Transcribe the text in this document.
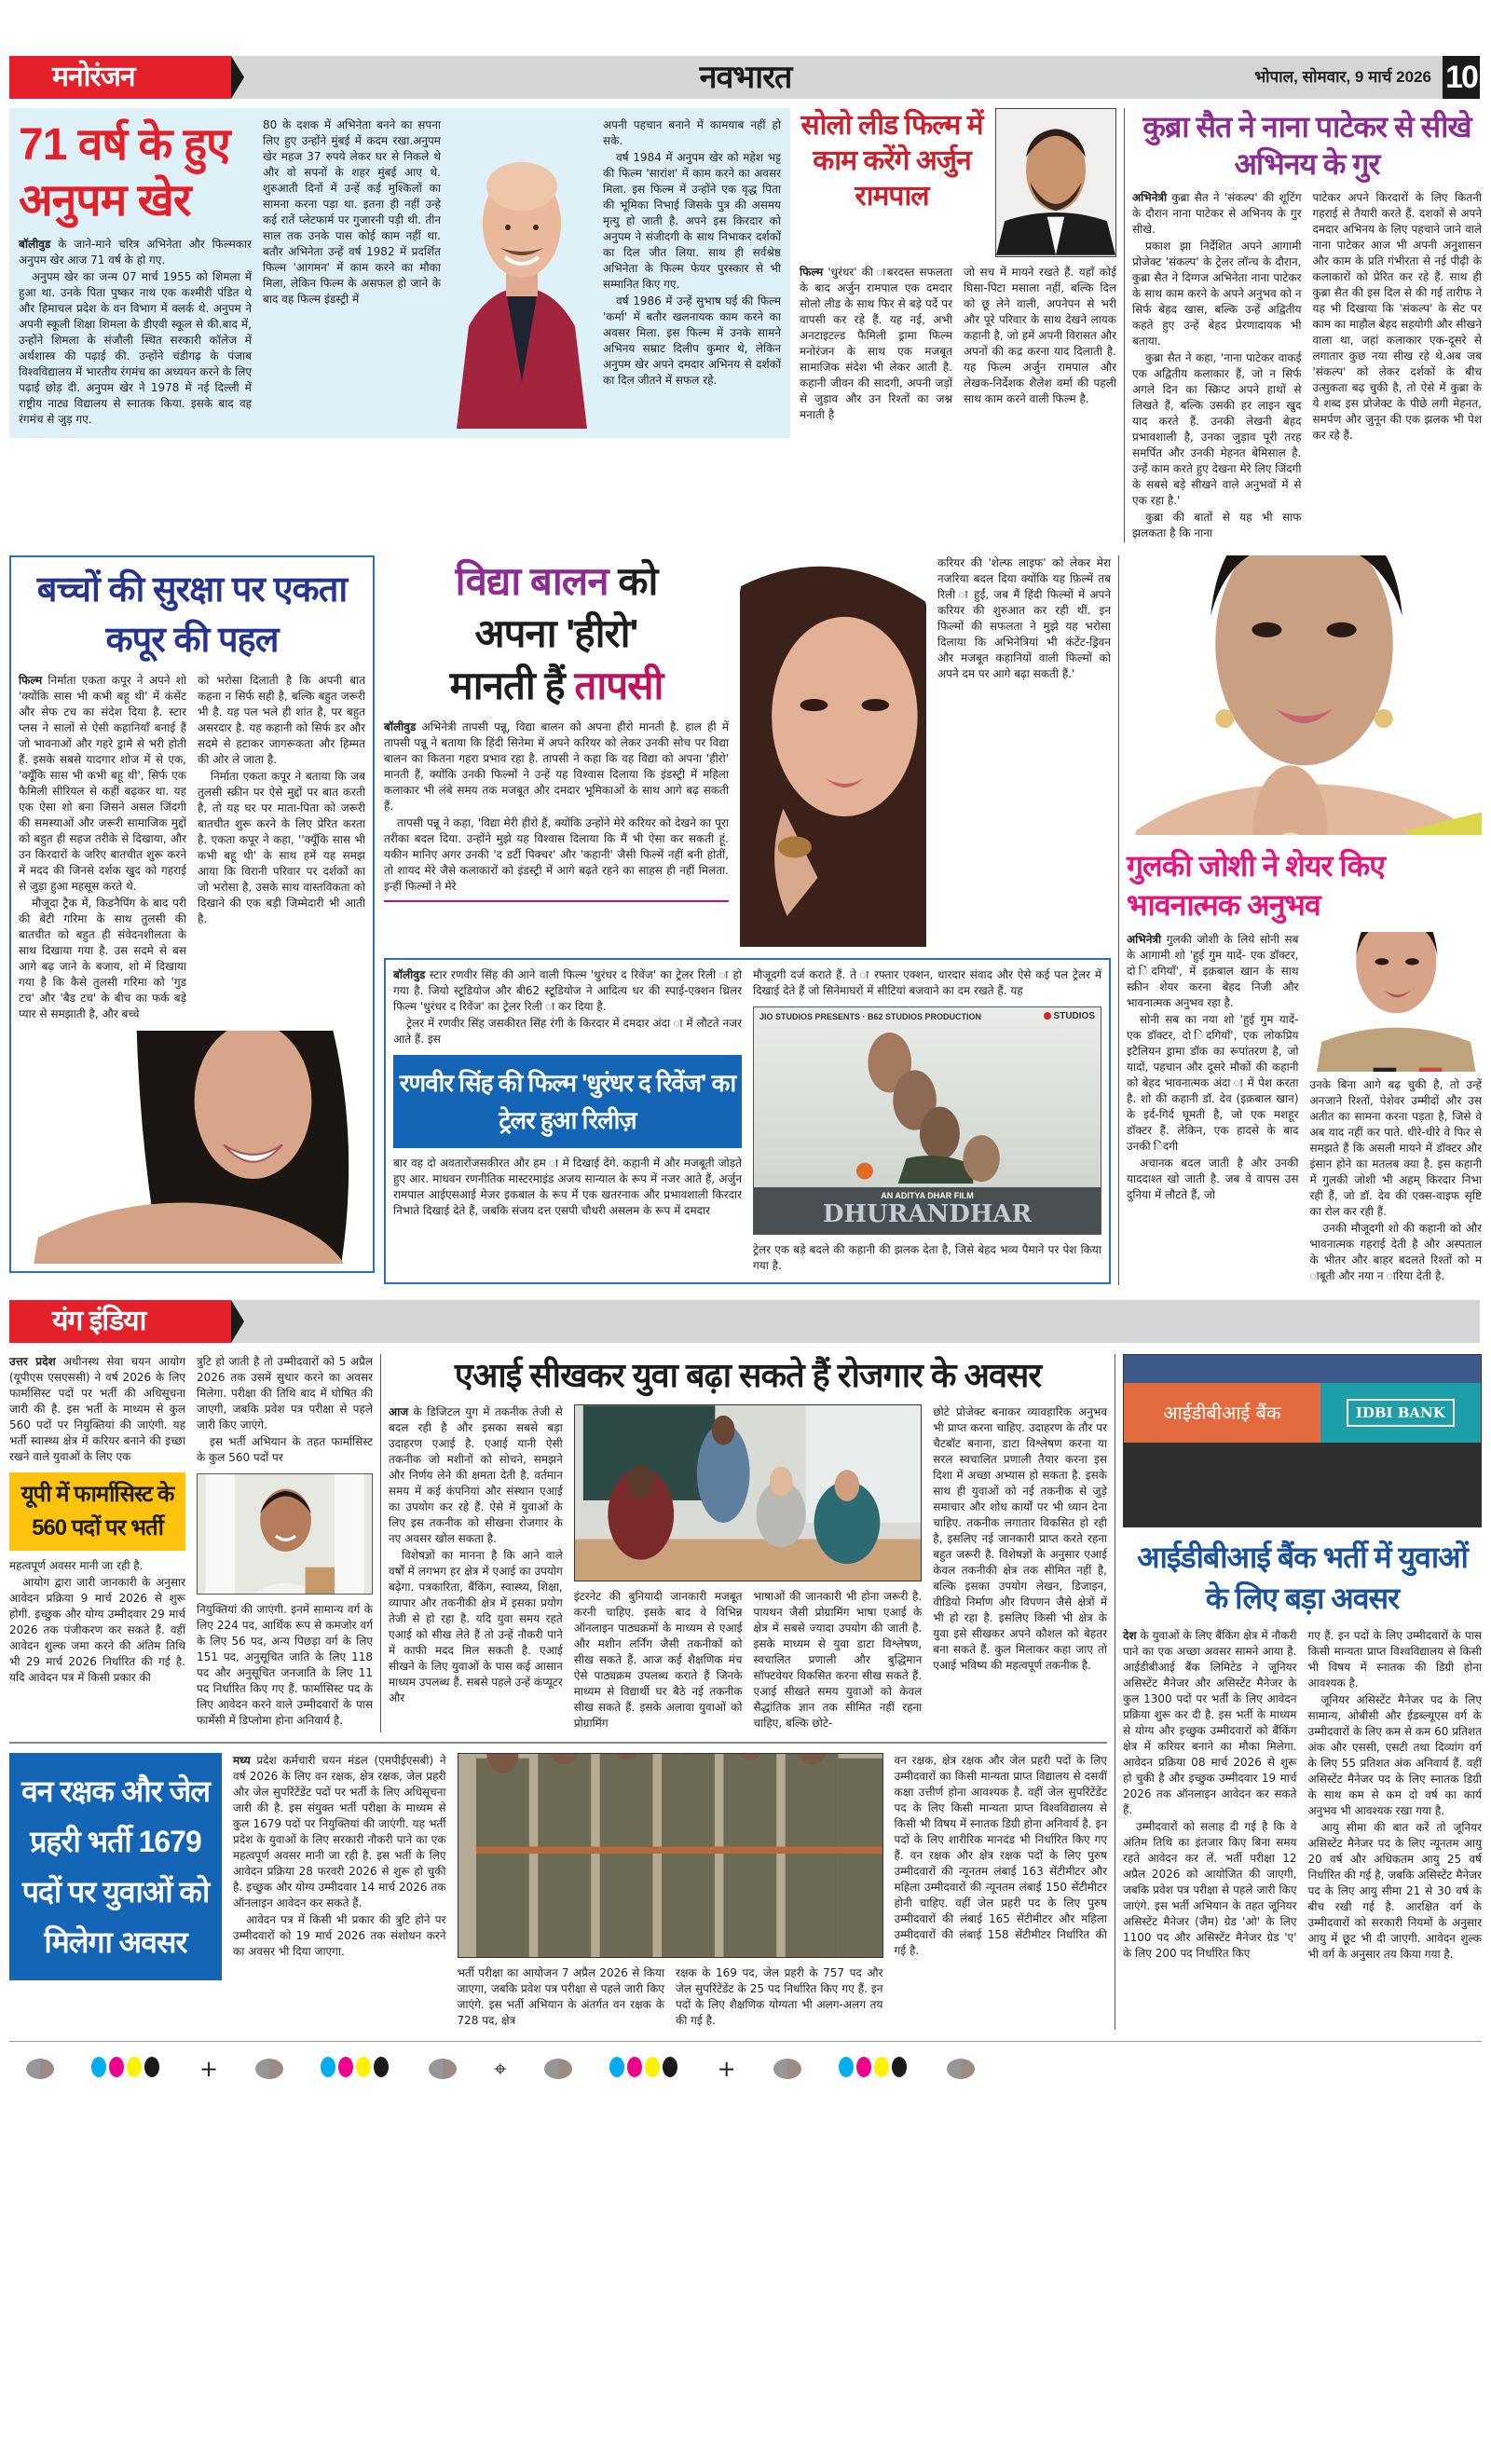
मनोरंजन	नवभारत	भोपाल, सोमवार, 9 मार्च 2026 10
71 वर्ष के हुए
अनुपम खेर

बॉलीवुड के जाने-माने चरित्र अभिनेता और फिल्मकार अनुपम खेर आज 71 वर्ष के हो गए.

अनुपम खेर का जन्म 07 मार्च 1955 को शिमला में हुआ था. उनके पिता पुष्कर नाथ एक कश्मीरी पंडित थे और हिमाचल प्रदेश के वन विभाग में क्लर्क थे. अनुपम ने अपनी स्कूली शिक्षा शिमला के डीएवी स्कूल से की.बाद में, उन्होंने शिमला के संजौली स्थित सरकारी कॉलेज में अर्थशास्त्र की पढ़ाई की. उन्होंने चंडीगढ़ के पंजाब विश्वविद्यालय में भारतीय रंगमंच का अध्ययन करने के लिए पढ़ाई छोड़ दी. अनुपम खेर ने 1978 में नई दिल्ली में राष्ट्रीय नाट्य विद्यालय से स्नातक किया. इसके बाद वह रंगमंच से जुड़ गए.

80 के दशक में अभिनेता बनने का सपना लिए हुए उन्होंने मुंबई में कदम रखा.अनुपम खेर महज 37 रुपये लेकर घर से निकले थे और वो सपनों के शहर मुंबई आए थे. शुरुआती दिनों में उन्हें कई मुश्किलों का सामना करना पड़ा था. इतना ही नहीं उन्हे कई रातें प्लेटफार्म पर गुजारनी पड़ी थी. तीन साल तक उनके पास कोई काम नहीं था. बतौर अभिनेता उन्हें वर्ष 1982 में प्रदर्शित फिल्म 'आगमन' में काम करने का मौका मिला, लेकिन फिल्म के असफल हो जाने के बाद वह फिल्म इंडस्ट्री में

अपनी पहचान बनाने में कामयाब नहीं हो सके.

वर्ष 1984 में अनुपम खेर को महेश भट्ट की फिल्म 'सारांश' में काम करने का अवसर मिला. इस फिल्म में उन्होंने एक वृद्ध पिता की भूमिका निभाई जिसके पुत्र की असमय मृत्यु हो जाती है. अपने इस किरदार को अनुपम ने संजीदगी के साथ निभाकर दर्शकों का दिल जीत लिया. साथ ही सर्वश्रेष्ठ अभिनेता के फिल्म फेयर पुरस्कार से भी सम्मानित किए गए.

वर्ष 1986 में उन्हें सुभाष घई की फिल्म 'कर्मा' में बतौर खलनायक काम करने का अवसर मिला. इस फिल्म में उनके सामने अभिनय सम्राट दिलीप कुमार थे, लेकिन अनुपम खेर अपने दमदार अभिनय से दर्शकों का दिल जीतने में सफल रहे.

सोलो लीड फिल्म में काम करेंगे अर्जुन रामपाल

फिल्म 'धुरंधर' की ाबरदस्त सफलता के बाद अर्जुन रामपाल एक दमदार सोलो लीड के साथ फिर से बड़े पर्दे पर वापसी कर रहे हैं. यह नई, अभी अनटाइटल्ड फैमिली ड्रामा फिल्म मनोरंजन के साथ एक मजबूत सामाजिक संदेश भी लेकर आती है. कहानी जीवन की सादगी, अपनी जड़ों से जुड़ाव और उन रिश्तों का जश्न मनाती है

जो सच में मायने रखते हैं. यहाँ कोई घिसा-पिटा मसाला नहीं, बल्कि दिल को छू लेने वाली, अपनेपन से भरी और पूरे परिवार के साथ देखने लायक कहानी है, जो हमें अपनी विरासत और अपनों की कद्र करना याद दिलाती है. यह फिल्म अर्जुन रामपाल और लेखक-निर्देशक शैलेश वर्मा की पहली साथ काम करने वाली फिल्म है.

कुब्रा सैत ने नाना पाटेकर से सीखे अभिनय के गुर

अभिनेत्री कुब्रा सैत ने 'संकल्प' की शूटिंग के दौरान नाना पाटेकर से अभिनय के गुर सीखे.

प्रकाश झा निर्देशित अपने आगामी प्रोजेक्ट 'संकल्प' के ट्रेलर लॉन्च के दौरान, कुब्रा सैत ने दिग्गज अभिनेता नाना पाटेकर के साथ काम करने के अपने अनुभव को न सिर्फ बेहद खास, बल्कि उन्हें अद्वितीय कहते हुए उन्हें बेहद प्रेरणादायक भी बताया.

कुब्रा सैत ने कहा, 'नाना पाटेकर वाकई एक अद्वितीय कलाकार हैं, जो न सिर्फ अगले दिन का स्क्रिप्ट अपने हाथों से लिखते हैं, बल्कि उसकी हर लाइन खुद याद करते हैं. उनकी लेखनी बेहद प्रभावशाली है, उनका जुड़ाव पूरी तरह समर्पित और उनकी मेहनत बेमिसाल है. उन्हें काम करते हुए देखना मेरे लिए जिंदगी के सबसे बड़े सीखने वाले अनुभवों में से एक रहा है.'

कुब्रा की बातों से यह भी साफ झलकता है कि नाना

पाटेकर अपने किरदारों के लिए कितनी गहराई से तैयारी करते हैं. दशकों से अपने दमदार अभिनय के लिए पहचाने जाने वाले नाना पाटेकर आज भी अपनी अनुशासन और काम के प्रति गंभीरता से नई पीढ़ी के कलाकारों को प्रेरित कर रहे हैं. साथ ही कुब्रा सैत की इस दिल से की गई तारीफ ने यह भी दिखाया कि 'संकल्प' के सेट पर काम का माहौल बेहद सहयोगी और सीखने वाला था, जहां कलाकार एक-दूसरे से लगातार कुछ नया सीख रहे थे.अब जब 'संकल्प' को लेकर दर्शकों के बीच उत्सुकता बढ़ चुकी है, तो ऐसे में कुब्रा के ये शब्द इस प्रोजेक्ट के पीछे लगी मेहनत, समर्पण और जुनून की एक झलक भी पेश कर रहे हैं.

बच्चों की सुरक्षा पर एकता कपूर की पहल

फिल्म निर्माता एकता कपूर ने अपने शो 'क्योंकि सास भी कभी बहू थी' में कंसेंट और सेफ टच का संदेश दिया है. स्टार प्लस ने सालों से ऐसी कहानियाँ बनाई हैं जो भावनाओं और गहरे ड्रामे से भरी होती हैं. इसके सबसे यादगार शोज में से एक, 'क्यूँकि सास भी कभी बहू थी', सिर्फ एक फैमिली सीरियल से कहीं बढ़कर था. यह एक ऐसा शो बना जिसने असल जिंदगी की समस्याओं और जरूरी सामाजिक मुद्दों को बहुत ही सहज तरीके से दिखाया, और उन किरदारों के जरिए बातचीत शुरू करने में मदद की जिनसे दर्शक खुद को गहराई से जुड़ा हुआ महसूस करते थे.

मौजूदा ट्रैक में, किडनैपिंग के बाद परी की बेटी गरिमा के साथ तुलसी की बातचीत को बहुत ही संवेदनशीलता के साथ दिखाया गया है. उस सदमे से बस आगे बढ़ जाने के बजाय, शो में दिखाया गया है कि कैसे तुलसी गरिमा को 'गुड टच' और 'बैड टच' के बीच का फर्क बड़े प्यार से समझाती है, और बच्चे

को भरोसा दिलाती है कि अपनी बात कहना न सिर्फ सही है, बल्कि बहुत जरूरी भी है. यह पल भले ही शांत है, पर बहुत असरदार है. यह कहानी को सिर्फ डर और सदमे से हटाकर जागरूकता और हिम्मत की ओर ले जाता है.

निर्माता एकता कपूर ने बताया कि जब तुलसी स्क्रीन पर ऐसे मुद्दों पर बात करती है, तो यह घर पर माता-पिता को जरूरी बातचीत शुरू करने के लिए प्रेरित करता है. एकता कपूर ने कहा, ''क्यूँकि सास भी कभी बहू थी' के साथ हमें यह समझ आया कि विरानी परिवार पर दर्शकों का जो भरोसा है, उसके साथ वास्तविकता को दिखाने की एक बड़ी जिम्मेदारी भी आती है.

विद्या बालन को
अपना 'हीरो'
मानती हैं तापसी

बॉलीवुड अभिनेत्री तापसी पन्नू, विद्या बालन को अपना हीरो मानती है. हाल ही में तापसी पन्नू ने बताया कि हिंदी सिनेमा में अपने करियर को लेकर उनकी सोच पर विद्या बालन का कितना गहरा प्रभाव रहा है. तापसी ने कहा कि वह विद्या को अपना 'हीरो' मानती हैं, क्योंकि उनकी फिल्मों ने उन्हें यह विश्वास दिलाया कि इंडस्ट्री में महिला कलाकार भी लंबे समय तक मजबूत और दमदार भूमिकाओं के साथ आगे बढ़ सकती हैं.

तापसी पन्नू ने कहा, 'विद्या मेरी हीरो हैं, क्योंकि उन्होंने मेरे करियर को देखने का पूरा तरीका बदल दिया. उन्होंने मुझे यह विश्वास दिलाया कि मैं भी ऐसा कर सकती हूं. यकीन मानिए अगर उनकी 'द डर्टी पिक्चर' और 'कहानी' जैसी फिल्में नहीं बनी होतीं, तो शायद मेरे जैसे कलाकारों को इंडस्ट्री में आगे बढ़ते रहने का साहस ही नहीं मिलता. इन्हीं फिल्मों ने मेरे

करियर की 'शेल्फ लाइफ' को लेकर मेरा नजरिया बदल दिया क्योंकि यह फ़िल्में तब रिली ा हुईं, जब मैं हिंदी फिल्मों में अपने करियर की शुरुआत कर रही थीं. इन फिल्मों की सफलता ने मुझे यह भरोसा दिलाया कि अभिनेत्रियां भी कंटेंट-ड्रिवन और मजबूत कहानियों वाली फिल्मों को अपने दम पर आगे बढ़ा सकती हैं.'

बॉलीवुड स्टार रणवीर सिंह की आने वाली फिल्म 'धुरंधर द रिवेंज' का ट्रेलर रिली ा हो गया है. जियो स्टूडियोज और बी62 स्टूडियोज ने आदित्य धर की स्पाई-एक्शन थ्रिलर फिल्म 'धुरंधर द रिवेंज' का ट्रेलर रिली ा कर दिया है.

ट्रेलर में रणवीर सिंह जसकीरत सिंह रंगी के किरदार में दमदार अंदा ा में लौटते नजर आते हैं. इस

रणवीर सिंह की फिल्म 'धुरंधर द रिवेंज' का ट्रेलर हुआ रिलीज़

बार वह दो अवतारोंजसकीरत और हम ा में दिखाई देंगे. कहानी में और मजबूती जोड़ते हुए आर. माधवन रणनीतिक मास्टरमाइंड अजय सान्याल के रूप में नजर आते हैं, अर्जुन रामपाल आईएसआई मेजर इकबाल के रूप में एक खतरनाक और प्रभावशाली किरदार निभाते दिखाई देते हैं, जबकि संजय दत्त एसपी चौधरी असलम के रूप में दमदार

मौजूदगी दर्ज कराते हैं. ते ा रफ्तार एक्शन, धारदार संवाद और ऐसे कई पल ट्रेलर में दिखाई देते हैं जो सिनेमाघरों में सीटियां बजवाने का दम रखते हैं. यह

JIO STUDIOS PRESENTS · B62 STUDIOS PRODUCTION	STUDIOS
AN ADITYA DHAR FILM
DHURANDHAR

ट्रेलर एक बड़े बदले की कहानी की झलक देता है, जिसे बेहद भव्य पैमाने पर पेश किया गया है.

गुलकी जोशी ने शेयर किए भावनात्मक अनुभव

अभिनेत्री गुलकी जोशी के लिये सोनी सब के आगामी शो 'हुई गुम यादें- एक डॉक्टर, दो िंदगियाँ', में इक़बाल खान के साथ स्क्रीन शेयर करना बेहद निजी और भावनात्मक अनुभव रहा है.

सोनी सब का नया शो 'हुई गुम यादें- एक डॉक्टर, दो िंदगियाँ', एक लोकप्रिय इटैलियन ड्रामा डॉक का रूपांतरण है, जो यादों, पहचान और दूसरे मौकों की कहानी को बेहद भावनात्मक अंदा ा में पेश करता है. शो की कहानी डॉ. देव (इक़बाल खान) के इर्द-गिर्द घूमती है, जो एक मशहूर डॉक्टर हैं. लेकिन, एक हादसे के बाद उनकी िंदगी

अचानक बदल जाती है और उनकी याददाश्त खो जाती है. जब वे वापस उस दुनिया में लौटते हैं, जो

उनके बिना आगे बढ़ चुकी है, तो उन्हें अनजाने रिश्तों, पेशेवर उम्मीदों और उस अतीत का सामना करना पड़ता है, जिसे वे अब याद नहीं कर पाते. धीरे-धीरे वे फिर से समझते हैं कि असली मायने में डॉक्टर और इंसान होने का मतलब क्या है. इस कहानी में गुलकी जोशी भी अहम् किरदार निभा रही हैं, जो डॉ. देव की एक्स-वाइफ सृष्टि का रोल कर रही हैं.

उनकी मौजूदगी शो की कहानी को और भावनात्मक गहराई देती है और अस्पताल के भीतर और बाहर बदलते रिश्तों को म ाबूती और नया न ारिया देती है.

यंग इंडिया

उत्तर प्रदेश अधीनस्थ सेवा चयन आयोग (यूपीएस एसएससी) ने वर्ष 2026 के लिए फार्मासिस्ट पदों पर भर्ती की अधिसूचना जारी की है. इस भर्ती के माध्यम से कुल 560 पदों पर नियुक्तियां की जाएंगी. यह भर्ती स्वास्थ्य क्षेत्र में करियर बनाने की इच्छा रखने वाले युवाओं के लिए एक

यूपी में फार्मासिस्ट के 560 पदों पर भर्ती

महत्वपूर्ण अवसर मानी जा रही है.

आयोग द्वारा जारी जानकारी के अनुसार आवेदन प्रक्रिया 9 मार्च 2026 से शुरू होगी. इच्छुक और योग्य उम्मीदवार 29 मार्च 2026 तक पंजीकरण कर सकते हैं. वहीं आवेदन शुल्क जमा करने की अंतिम तिथि भी 29 मार्च 2026 निर्धारित की गई है. यदि आवेदन पत्र में किसी प्रकार की

त्रुटि हो जाती है तो उम्मीदवारों को 5 अप्रैल 2026 तक उसमें सुधार करने का अवसर मिलेगा. परीक्षा की तिथि बाद में घोषित की जाएगी, जबकि प्रवेश पत्र परीक्षा से पहले जारी किए जाएंगे.

इस भर्ती अभियान के तहत फार्मासिस्ट के कुल 560 पदों पर

नियुक्तियां की जाएंगी. इनमें सामान्य वर्ग के लिए 224 पद, आर्थिक रूप से कमजोर वर्ग के लिए 56 पद, अन्य पिछड़ा वर्ग के लिए 151 पद, अनुसूचित जाति के लिए 118 पद और अनुसूचित जनजाति के लिए 11 पद निर्धारित किए गए हैं. फार्मासिस्ट पद के लिए आवेदन करने वाले उम्मीदवारों के पास फार्मेसी में डिप्लोमा होना अनिवार्य है.

एआई सीखकर युवा बढ़ा सकते हैं रोजगार के अवसर

आज के डिजिटल युग में तकनीक तेजी से बदल रही है और इसका सबसे बड़ा उदाहरण एआई है. एआई यानी ऐसी तकनीक जो मशीनों को सोचने, समझने और निर्णय लेने की क्षमता देती है. वर्तमान समय में कई कंपनियां और संस्थान एआई का उपयोग कर रहे हैं. ऐसे में युवाओं के लिए इस तकनीक को सीखना रोजगार के नए अवसर खोल सकता है.

विशेषज्ञों का मानना है कि आने वाले वर्षों में लगभग हर क्षेत्र में एआई का उपयोग बढ़ेगा. पत्रकारिता, बैंकिंग, स्वास्थ्य, शिक्षा, व्यापार और तकनीकी क्षेत्र में इसका प्रयोग तेजी से हो रहा है. यदि युवा समय रहते एआई को सीख लेते हैं तो उन्हें नौकरी पाने में काफी मदद मिल सकती है. एआई सीखने के लिए युवाओं के पास कई आसान माध्यम उपलब्ध हैं. सबसे पहले उन्हें कंप्यूटर और

इंटरनेट की बुनियादी जानकारी मजबूत करनी चाहिए. इसके बाद वे विभिन्न ऑनलाइन पाठ्यक्रमों के माध्यम से एआई और मशीन लर्निंग जैसी तकनीकों को सीख सकते हैं. आज कई शैक्षणिक मंच ऐसे पाठ्यक्रम उपलब्ध कराते हैं जिनके माध्यम से विद्यार्थी घर बैठे नई तकनीक सीख सकते हैं. इसके अलावा युवाओं को प्रोग्रामिंग

भाषाओं की जानकारी भी होना जरूरी है. पायथन जैसी प्रोग्रामिंग भाषा एआई के क्षेत्र में सबसे ज्यादा उपयोग की जाती है. इसके माध्यम से युवा डाटा विश्लेषण, स्वचालित प्रणाली और बुद्धिमान सॉफ्टवेयर विकसित करना सीख सकते हैं. एआई सीखते समय युवाओं को केवल सैद्धांतिक ज्ञान तक सीमित नहीं रहना चाहिए, बल्कि छोटे-

छोटे प्रोजेक्ट बनाकर व्यावहारिक अनुभव भी प्राप्त करना चाहिए. उदाहरण के तौर पर चैटबॉट बनाना, डाटा विश्लेषण करना या सरल स्वचालित प्रणाली तैयार करना इस दिशा में अच्छा अभ्यास हो सकता है. इसके साथ ही युवाओं को नई तकनीक से जुड़े समाचार और शोध कार्यों पर भी ध्यान देना चाहिए. तकनीक लगातार विकसित हो रही है, इसलिए नई जानकारी प्राप्त करते रहना बहुत जरूरी है. विशेषज्ञों के अनुसार एआई केवल तकनीकी क्षेत्र तक सीमित नहीं है, बल्कि इसका उपयोग लेखन, डिजाइन, वीडियो निर्माण और विपणन जैसे क्षेत्रों में भी हो रहा है. इसलिए किसी भी क्षेत्र के युवा इसे सीखकर अपने कौशल को बेहतर बना सकते हैं. कुल मिलाकर कहा जाए तो एआई भविष्य की महत्वपूर्ण तकनीक है.

वन रक्षक और जेल प्रहरी भर्ती 1679 पदों पर युवाओं को मिलेगा अवसर

मध्य प्रदेश कर्मचारी चयन मंडल (एमपीईएसबी) ने वर्ष 2026 के लिए वन रक्षक, क्षेत्र रक्षक, जेल प्रहरी और जेल सुपरिंटेंडेंट पदों पर भर्ती के लिए अधिसूचना जारी की है. इस संयुक्त भर्ती परीक्षा के माध्यम से कुल 1679 पदों पर नियुक्तियां की जाएंगी. यह भर्ती प्रदेश के युवाओं के लिए सरकारी नौकरी पाने का एक महत्वपूर्ण अवसर मानी जा रही है. इस भर्ती के लिए आवेदन प्रक्रिया 28 फरवरी 2026 से शुरू हो चुकी है. इच्छुक और योग्य उम्मीदवार 14 मार्च 2026 तक ऑनलाइन आवेदन कर सकते हैं.

आवेदन पत्र में किसी भी प्रकार की त्रुटि होने पर उम्मीदवारों को 19 मार्च 2026 तक संशोधन करने का अवसर भी दिया जाएगा.

भर्ती परीक्षा का आयोजन 7 अप्रैल 2026 से किया जाएगा, जबकि प्रवेश पत्र परीक्षा से पहले जारी किए जाएंगे. इस भर्ती अभियान के अंतर्गत वन रक्षक के 728 पद, क्षेत्र

रक्षक के 169 पद, जेल प्रहरी के 757 पद और जेल सुपरिंटेंडेंट के 25 पद निर्धारित किए गए हैं. इन पदों के लिए शैक्षणिक योग्यता भी अलग-अलग तय की गई है.

वन रक्षक, क्षेत्र रक्षक और जेल प्रहरी पदों के लिए उम्मीदवारों का किसी मान्यता प्राप्त विद्यालय से दसवीं कक्षा उत्तीर्ण होना आवश्यक है. वहीं जेल सुपरिंटेंडेंट पद के लिए किसी मान्यता प्राप्त विश्वविद्यालय से किसी भी विषय में स्नातक डिग्री होना अनिवार्य है. इन पदों के लिए शारीरिक मानदंड भी निर्धारित किए गए हैं. वन रक्षक और क्षेत्र रक्षक पदों के लिए पुरुष उम्मीदवारों की न्यूनतम लंबाई 163 सेंटीमीटर और महिला उम्मीदवारों की न्यूनतम लंबाई 150 सेंटीमीटर होनी चाहिए. वहीं जेल प्रहरी पद के लिए पुरुष उम्मीदवारों की लंबाई 165 सेंटीमीटर और महिला उम्मीदवारों की लंबाई 158 सेंटीमीटर निर्धारित की गई है.

आईडीबीआई बैंक	IDBI BANK
आईडीबीआई बैंक भर्ती में युवाओं के लिए बड़ा अवसर

देश के युवाओं के लिए बैंकिंग क्षेत्र में नौकरी पाने का एक अच्छा अवसर सामने आया है. आईडीबीआई बैंक लिमिटेड ने जूनियर असिस्टेंट मैनेजर और असिस्टेंट मैनेजर के कुल 1300 पदों पर भर्ती के लिए आवेदन प्रक्रिया शुरू कर दी है. इस भर्ती के माध्यम से योग्य और इच्छुक उम्मीदवारों को बैंकिंग क्षेत्र में करियर बनाने का मौका मिलेगा. आवेदन प्रक्रिया 08 मार्च 2026 से शुरू हो चुकी है और इच्छुक उम्मीदवार 19 मार्च 2026 तक ऑनलाइन आवेदन कर सकते हैं.

उम्मीदवारों को सलाह दी गई है कि वे अंतिम तिथि का इंतजार किए बिना समय रहते आवेदन कर लें. भर्ती परीक्षा 12 अप्रैल 2026 को आयोजित की जाएगी, जबकि प्रवेश पत्र परीक्षा से पहले जारी किए जाएंगे. इस भर्ती अभियान के तहत जूनियर असिस्टेंट मैनेजर (जैम) ग्रेड 'ओ' के लिए 1100 पद और असिस्टेंट मैनेजर ग्रेड 'ए' के लिए 200 पद निर्धारित किए

गए हैं. इन पदों के लिए उम्मीदवारों के पास किसी मान्यता प्राप्त विश्वविद्यालय से किसी भी विषय में स्नातक की डिग्री होना आवश्यक है.

जूनियर असिस्टेंट मैनेजर पद के लिए सामान्य, ओबीसी और ईडब्ल्यूएस वर्ग के उम्मीदवारों के लिए कम से कम 60 प्रतिशत अंक और एससी, एसटी तथा दिव्यांग वर्ग के लिए 55 प्रतिशत अंक अनिवार्य हैं. वहीं असिस्टेंट मैनेजर पद के लिए स्नातक डिग्री के साथ कम से कम दो वर्ष का कार्य अनुभव भी आवश्यक रखा गया है.

आयु सीमा की बात करें तो जूनियर असिस्टेंट मैनेजर पद के लिए न्यूनतम आयु 20 वर्ष और अधिकतम आयु 25 वर्ष निर्धारित की गई है, जबकि असिस्टेंट मैनेजर पद के लिए आयु सीमा 21 से 30 वर्ष के बीच रखी गई है. आरक्षित वर्ग के उम्मीदवारों को सरकारी नियमों के अनुसार आयु में छूट भी दी जाएगी. आवेदन शुल्क भी वर्ग के अनुसार तय किया गया है.

+	⌖	+
